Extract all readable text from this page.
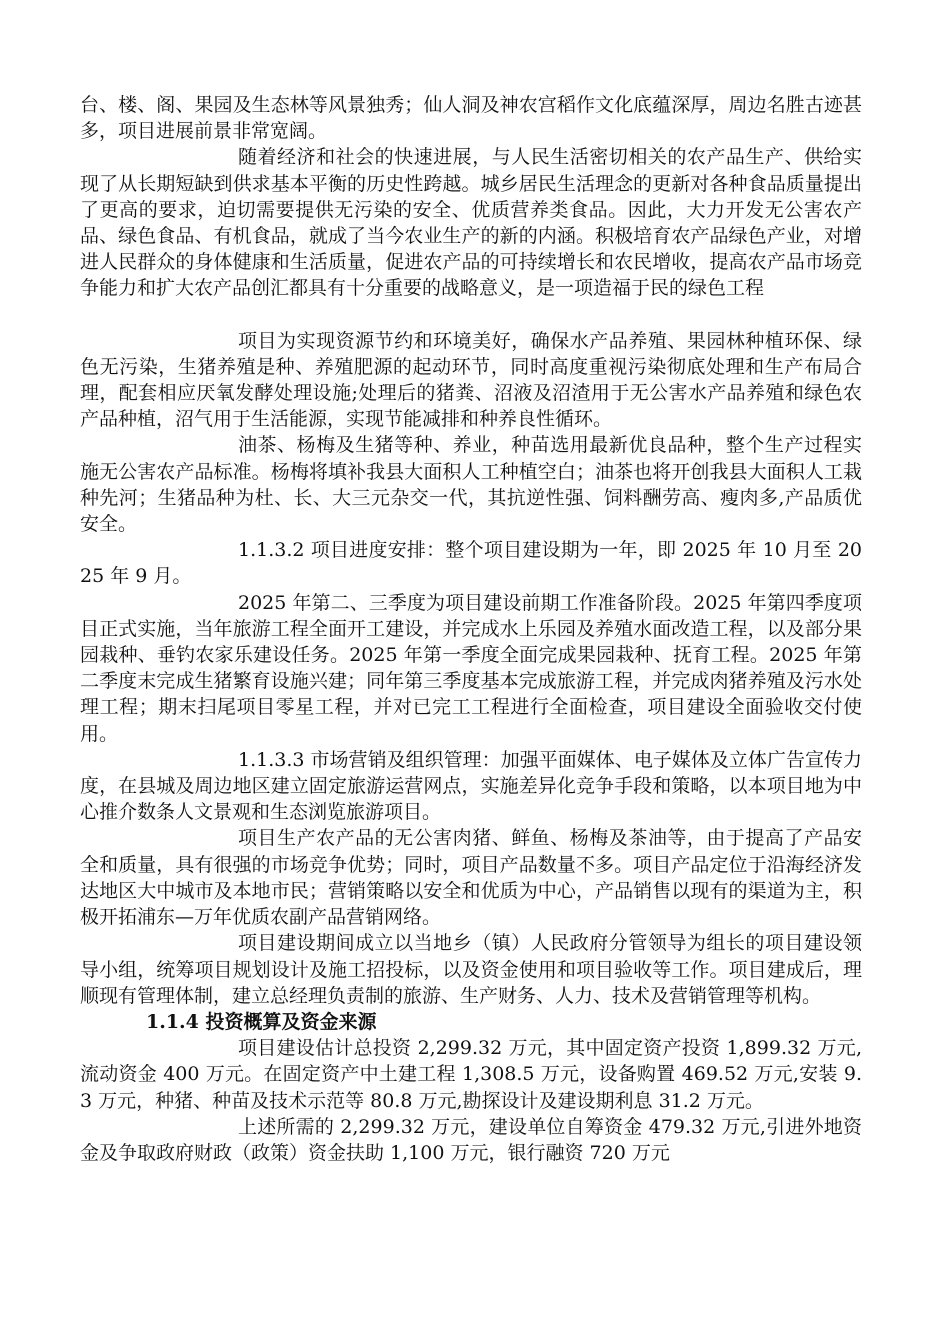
台、楼、阁、果园及生态林等风景独秀；仙人洞及神农宫稻作文化底蕴深厚，周边名胜古迹甚多，项目进展前景非常宽阔。

随着经济和社会的快速进展，与人民生活密切相关的农产品生产、供给实现了从长期短缺到供求基本平衡的历史性跨越。城乡居民生活理念的更新对各种食品质量提出了更高的要求，迫切需要提供无污染的安全、优质营养类食品。因此，大力开发无公害农产品、绿色食品、有机食品，就成了当今农业生产的新的内涵。积极培育农产品绿色产业，对增进人民群众的身体健康和生活质量，促进农产品的可持续增长和农民增收，提高农产品市场竞争能力和扩大农产品创汇都具有十分重要的战略意义，是一项造福于民的绿色工程

项目为实现资源节约和环境美好，确保水产品养殖、果园林种植环保、绿色无污染，生猪养殖是种、养殖肥源的起动环节，同时高度重视污染彻底处理和生产布局合理，配套相应厌氧发酵处理设施;处理后的猪粪、沼液及沼渣用于无公害水产品养殖和绿色农产品种植，沼气用于生活能源，实现节能减排和种养良性循环。

油茶、杨梅及生猪等种、养业，种苗选用最新优良品种，整个生产过程实施无公害农产品标准。杨梅将填补我县大面积人工种植空白；油茶也将开创我县大面积人工栽种先河；生猪品种为杜、长、大三元杂交一代，其抗逆性强、饲料酬劳高、瘦肉多,产品质优安全。

1.1.3.2 项目进度安排：整个项目建设期为一年，即 2025 年 10 月至 2025 年 9 月。

2025 年第二、三季度为项目建设前期工作准备阶段。2025 年第四季度项目正式实施，当年旅游工程全面开工建设，并完成水上乐园及养殖水面改造工程，以及部分果园栽种、垂钓农家乐建设任务。2025 年第一季度全面完成果园栽种、抚育工程。2025 年第二季度末完成生猪繁育设施兴建；同年第三季度基本完成旅游工程，并完成肉猪养殖及污水处理工程；期末扫尾项目零星工程，并对已完工工程进行全面检查，项目建设全面验收交付使用。

1.1.3.3 市场营销及组织管理：加强平面媒体、电子媒体及立体广告宣传力度，在县城及周边地区建立固定旅游运营网点，实施差异化竞争手段和策略，以本项目地为中心推介数条人文景观和生态浏览旅游项目。

项目生产农产品的无公害肉猪、鲜鱼、杨梅及茶油等，由于提高了产品安全和质量，具有很强的市场竞争优势；同时，项目产品数量不多。项目产品定位于沿海经济发达地区大中城市及本地市民；营销策略以安全和优质为中心，产品销售以现有的渠道为主，积极开拓浦东—万年优质农副产品营销网络。

项目建设期间成立以当地乡（镇）人民政府分管领导为组长的项目建设领导小组，统筹项目规划设计及施工招投标，以及资金使用和项目验收等工作。项目建成后，理顺现有管理体制，建立总经理负责制的旅游、生产财务、人力、技术及营销管理等机构。

1.1.4 投资概算及资金来源

项目建设估计总投资 2,299.32 万元，其中固定资产投资 1,899.32 万元,流动资金 400 万元。在固定资产中土建工程 1,308.5 万元，设备购置 469.52 万元,安装 9.3 万元，种猪、种苗及技术示范等 80.8 万元,勘探设计及建设期利息 31.2 万元。

上述所需的 2,299.32 万元，建设单位自筹资金 479.32 万元,引进外地资金及争取政府财政（政策）资金扶助 1,100 万元，银行融资 720 万元
